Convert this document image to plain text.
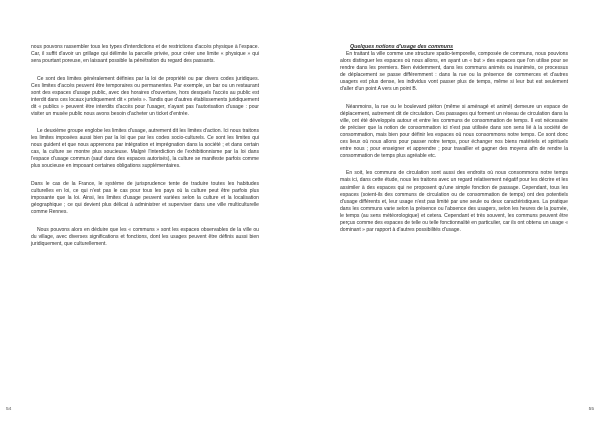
nous pouvons rassembler tous les types d'interdictions et de restrictions d'accès physique à l'espace. Car, il suffit d'avoir un grillage qui délimite la parcelle privée, pour créer une limite « physique » qui sera pourtant poreuse, en laissant possible la pénétration du regard des passants.

Ce sont des limites généralement définies par la loi de propriété ou par divers codes juridiques. Ces limites d'accès peuvent être temporaires ou permanentes. Par exemple, un bar ou un restaurant sont des espaces d'usage public, avec des horaires d'ouverture, hors desquels l'accès au public est interdit dans ces locaux juridiquement dit « privés ». Tandis que d'autres établissements juridiquement dit « publics » peuvent être interdits d'accès pour l'usager, n'ayant pas l'autorisation d'usage : pour visiter un musée public nous avons besoin d'acheter un ticket d'entrée.

Le deuxième groupe englobe les limites d'usage, autrement dit les limites d'action. Ici nous traitons les limites imposées aussi bien par la loi que par les codes socio-culturels. Ce sont les limites qui nous guident et que nous apprenons par intégration et imprégnation dans la société ; et dans certain cas, la culture se montre plus soucieuse. Malgré l'interdiction de l'exhibitionnisme par la loi dans l'espace d'usage commun (sauf dans des espaces autorisés), la culture se manifeste parfois comme plus soucieuse en imposant certaines obligations supplémentaires.

Dans le cas de la France, le système de jurisprudence tente de traduire toutes les habitudes culturelles en loi, ce qui n'est pas le cas pour tous les pays où la culture peut être parfois plus imposante que la loi. Ainsi, les limites d'usage peuvent variées selon la culture et la localisation géographique ; ce qui devient plus délicat à administrer et superviser dans une ville multiculturelle comme Rennes.

Nous pouvons alors en déduire que les « communs » sont les espaces observables de la ville ou du village, avec diverses significations et fonctions, dont les usages peuvent être définis aussi bien juridiquement, que culturellement.

54
Quelques notions d'usage des communs

En traitant la ville comme une structure spatio-temporelle, composée de communs, nous pouvions alors distinguer les espaces où nous allons, en ayant un « but » des espaces que l'on utilise pour se rendre dans les premiers. Bien évidemment, dans les communs animés ou inanimés, ce processus de déplacement se passe différemment : dans la rue ou la présence de commerces et d'autres usagers est plus dense, les individus vont passer plus de temps, même si leur but est seulement d'aller d'un point A vers un point B.

Néanmoins, la rue ou le boulevard piéton (même si aménagé et animé) demeure un espace de déplacement, autrement dit de circulation. Ces passages qui forment un réseau de circulation dans la ville, ont été développés autour et entre les communs de consommation de temps. Il est nécessaire de préciser que la notion de consommation ici n'est pas utilisée dans son sens lié à la société de consommation, mais bien pour définir les espaces où nous consommons notre temps. Ce sont donc ces lieux où nous allons pour passer notre temps, pour échanger nos biens matériels et spirituels entre nous ; pour enseigner et apprendre ; pour travailler et gagner des moyens afin de rendre la consommation de temps plus agréable etc.

En soit, les communs de circulation sont aussi des endroits où nous consommons notre temps mais ici, dans cette étude, nous les traitons avec un regard relativement négatif pour les décrire et les assimiler à des espaces qui ne proposent qu'une simple fonction de passage. Cependant, tous les espaces (soient-ils des communs de circulation ou de consommation de temps) ont des potentiels d'usage différents et, leur usage n'est pas limité par une seule ou deux caractéristiques. La pratique dans les communs varie selon la présence ou l'absence des usagers, selon les heures de la journée, le temps (au sens météorologique) et cetera. Cependant et très souvent, les communs peuvent être perçus comme des espaces de telle ou telle fonctionnalité en particulier, car ils ont obtenu un usage « dominant » par rapport à d'autres possibilités d'usage.

55
